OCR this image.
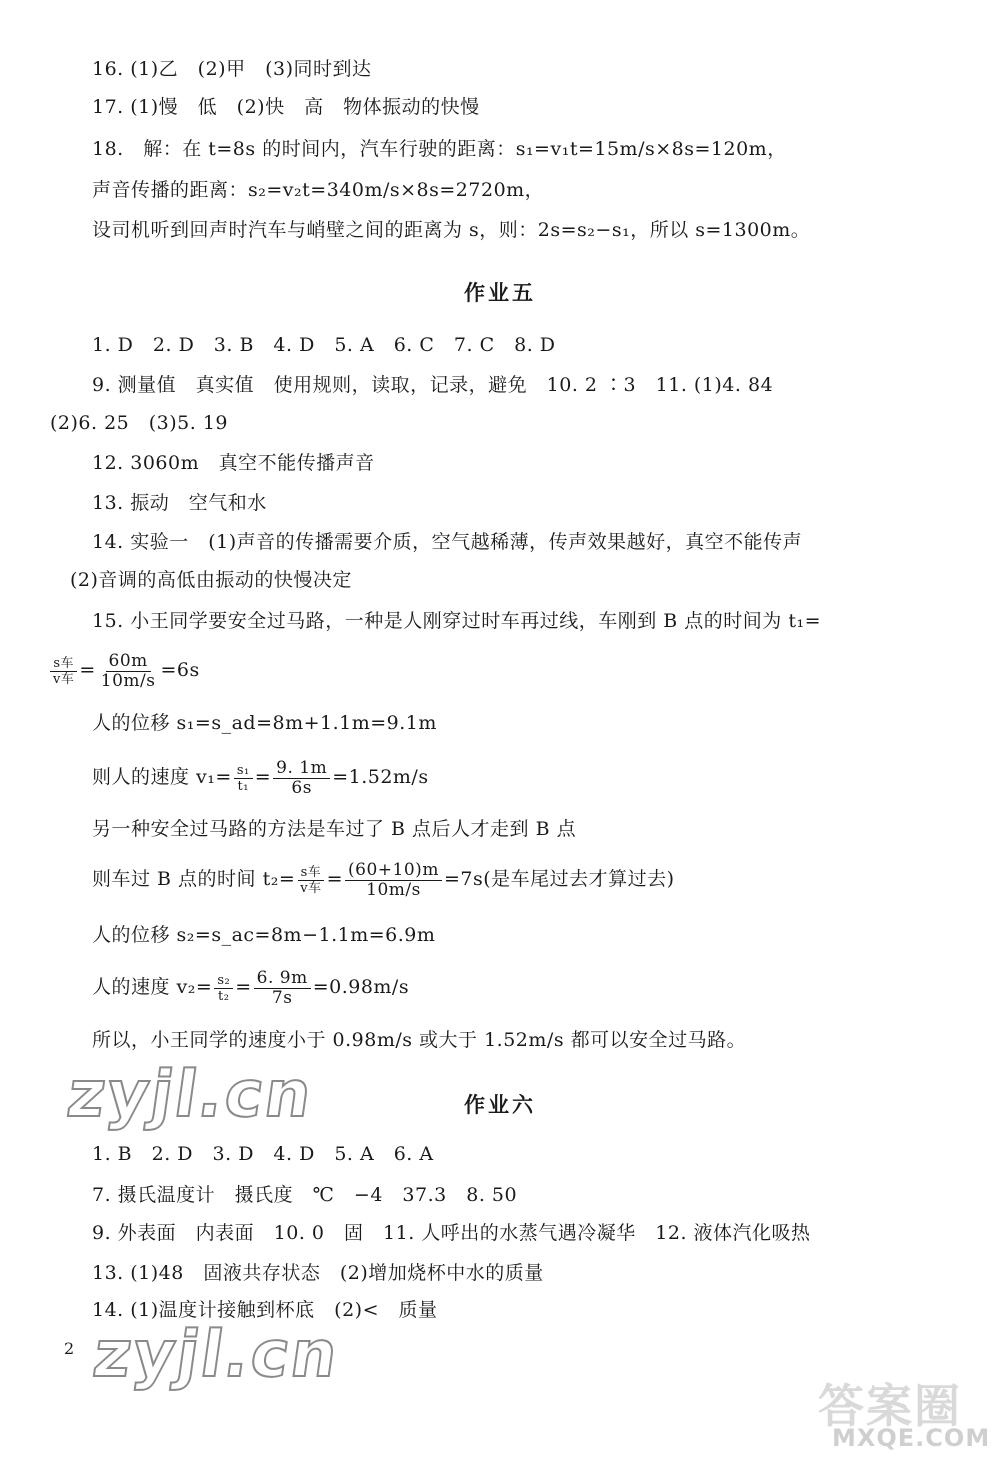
16. (1)乙　(2)甲　(3)同时到达
17. (1)慢　低　(2)快　高　物体振动的快慢
18.　解：在 t=8s 的时间内，汽车行驶的距离：s₁=v₁t=15m/s×8s=120m，
声音传播的距离：s₂=v₂t=340m/s×8s=2720m，
设司机听到回声时汽车与峭壁之间的距离为 s，则：2s=s₂−s₁，所以 s=1300m。
作业五
1. D　2. D　3. B　4. D　5. A　6. C　7. C　8. D
9. 测量值　真实值　使用规则，读取，记录，避免　10. 2 ∶3　11. (1)4. 84
(2)6. 25　(3)5. 19
12. 3060m　真空不能传播声音
13. 振动　空气和水
14. 实验一　(1)声音的传播需要介质，空气越稀薄，传声效果越好，真空不能传声
(2)音调的高低由振动的快慢决定
15. 小王同学要安全过马路，一种是人刚穿过时车再过线，车刚到 B 点的时间为 t₁=
$\frac{\text{s车}}{\text{v车}} = \frac{60m}{10m/s} =6s$
人的位移 s₁=s_ad=8m+1.1m=9.1m
则人的速度 $v_1= \frac{\text{s₁}}{\text{t₁}} = \frac{9. 1m}{6s} =1.52m/s$
另一种安全过马路的方法是车过了 B 点后人才走到 B 点
则车过 B 点的时间 $t_2= \frac{\text{s车}}{\text{v车}} = \frac{(60+10)m}{10m/s} =7s$(是车尾过去才算过去)
人的位移 s₂=s_ac=8m−1.1m=6.9m
人的速度 $v_2= \frac{\text{s₂}}{\text{t₂}} = \frac{6. 9m}{7s} =0.98m/s$
所以，小王同学的速度小于 0.98m/s 或大于 1.52m/s 都可以安全过马路。
zyjl.cn	作业六
1. B　2. D　3. D　4. D　5. A　6. A
7. 摄氏温度计　摄氏度　℃　−4　37.3　8. 50
9. 外表面　内表面　10. 0　固　11. 人呼出的水蒸气遇冷凝华　12. 液体汽化吸热
13. (1)48　固液共存状态　(2)增加烧杯中水的质量
14. (1)温度计接触到杯底　(2)<　质量
2 zyjl.cn
答案圈
MXQE.COM
